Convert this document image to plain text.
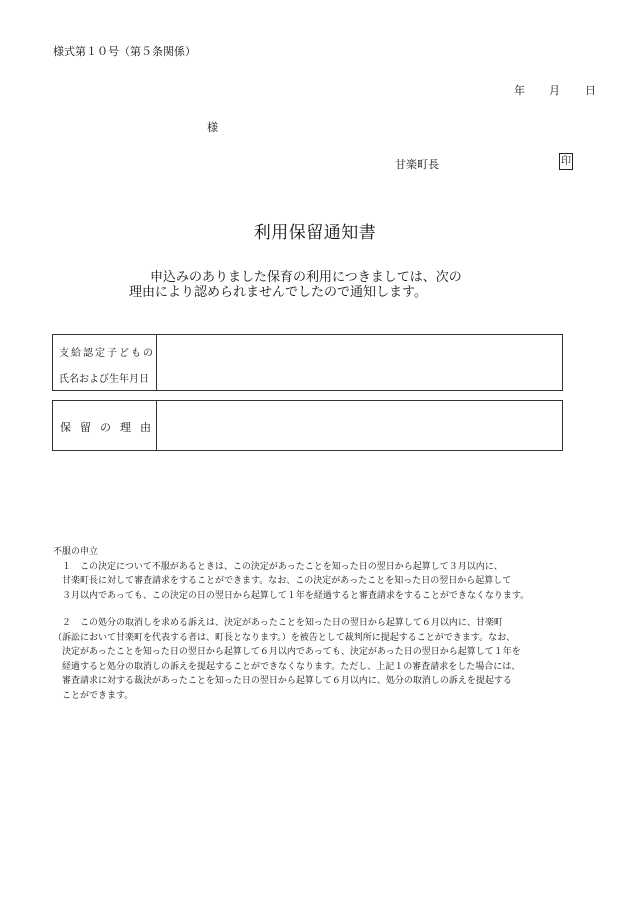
様式第１０号（第５条関係）
年 月 日
様
甘楽町長	印
利用保留通知書
申込みのありました保育の利用につきましては、次の
理由により認められませんでしたので通知します。
支給認定子どもの
氏名および生年月日
保留の理由
不服の申立
　１　この決定について不服があるときは、この決定があったことを知った日の翌日から起算して３月以内に、
　甘楽町長に対して審査請求をすることができます。なお、この決定があったことを知った日の翌日から起算して
　３月以内であっても、この決定の日の翌日から起算して１年を経過すると審査請求をすることができなくなります。
　２　この処分の取消しを求める訴えは、決定があったことを知った日の翌日から起算して６月以内に、甘楽町
（訴訟において甘楽町を代表する者は、町長となります。）を被告として裁判所に提起することができます。なお、
　決定があったことを知った日の翌日から起算して６月以内であっても、決定があった日の翌日から起算して１年を
　経過すると処分の取消しの訴えを提起することができなくなります。ただし、上記１の審査請求をした場合には、
　審査請求に対する裁決があったことを知った日の翌日から起算して６月以内に、処分の取消しの訴えを提起する
　ことができます。
